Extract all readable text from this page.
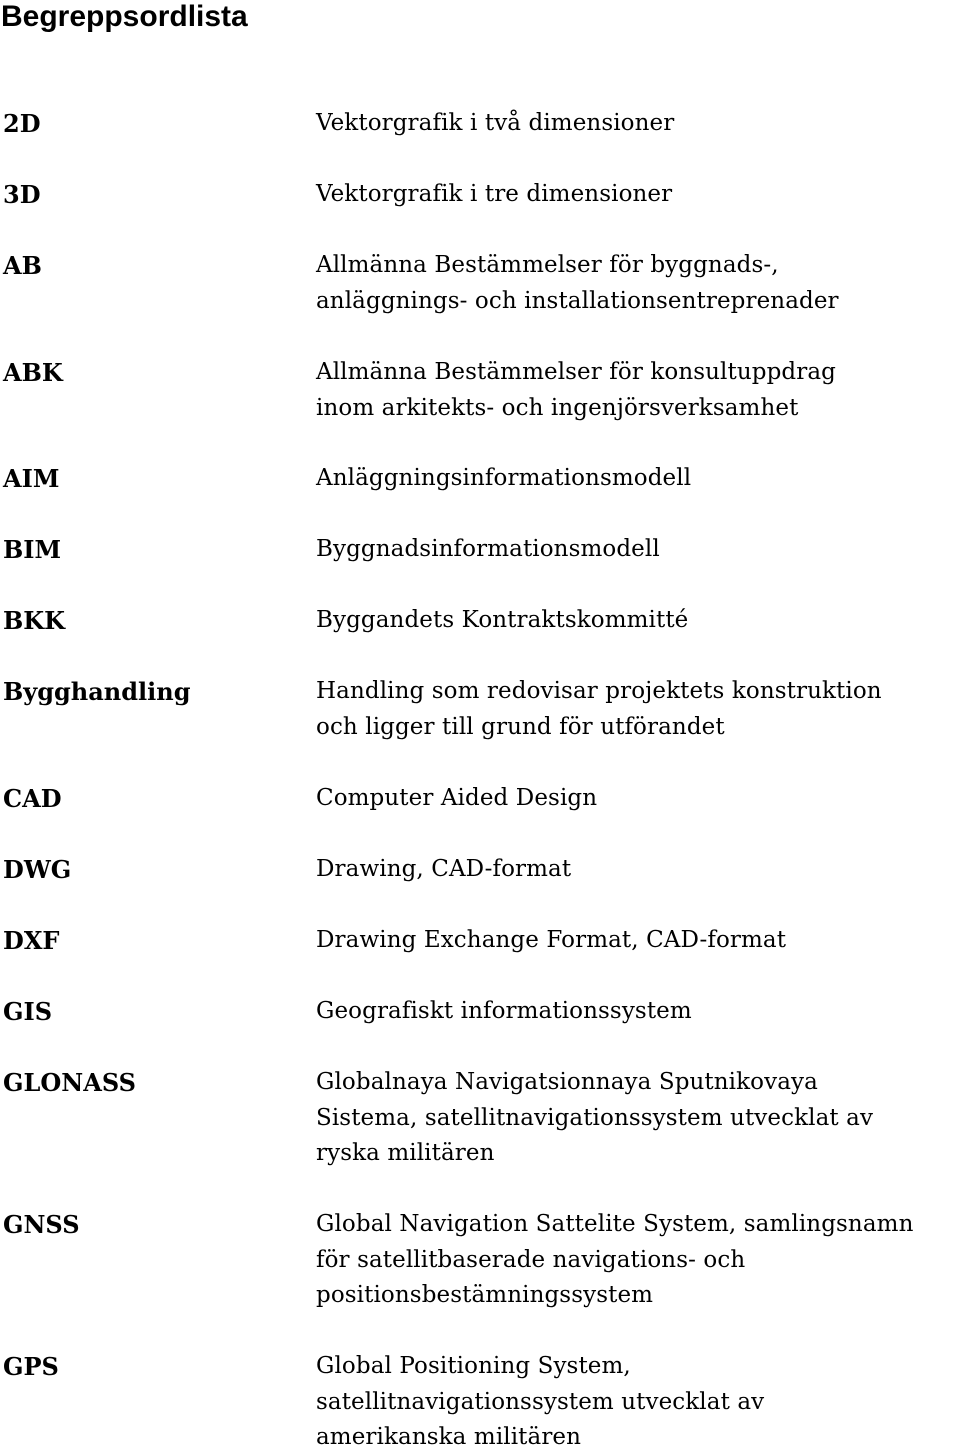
Begreppsordlista
2D	Vektorgrafik i två dimensioner
3D	Vektorgrafik i tre dimensioner
AB	Allmänna Bestämmelser för byggnads-,
anläggnings- och installationsentreprenader
ABK	Allmänna Bestämmelser för konsultuppdrag
inom arkitekts- och ingenjörsverksamhet
AIM	Anläggningsinformationsmodell
BIM	Byggnadsinformationsmodell
BKK	Byggandets Kontraktskommitté
Bygghandling	Handling som redovisar projektets konstruktion
och ligger till grund för utförandet
CAD	Computer Aided Design
DWG	Drawing, CAD-format
DXF	Drawing Exchange Format, CAD-format
GIS	Geografiskt informationssystem
GLONASS	Globalnaya Navigatsionnaya Sputnikovaya
Sistema, satellitnavigationssystem utvecklat av
ryska militären
GNSS	Global Navigation Sattelite System, samlingsnamn
för satellitbaserade navigations- och
positionsbestämningssystem
GPS	Global Positioning System,
satellitnavigationssystem utvecklat av
amerikanska militären
